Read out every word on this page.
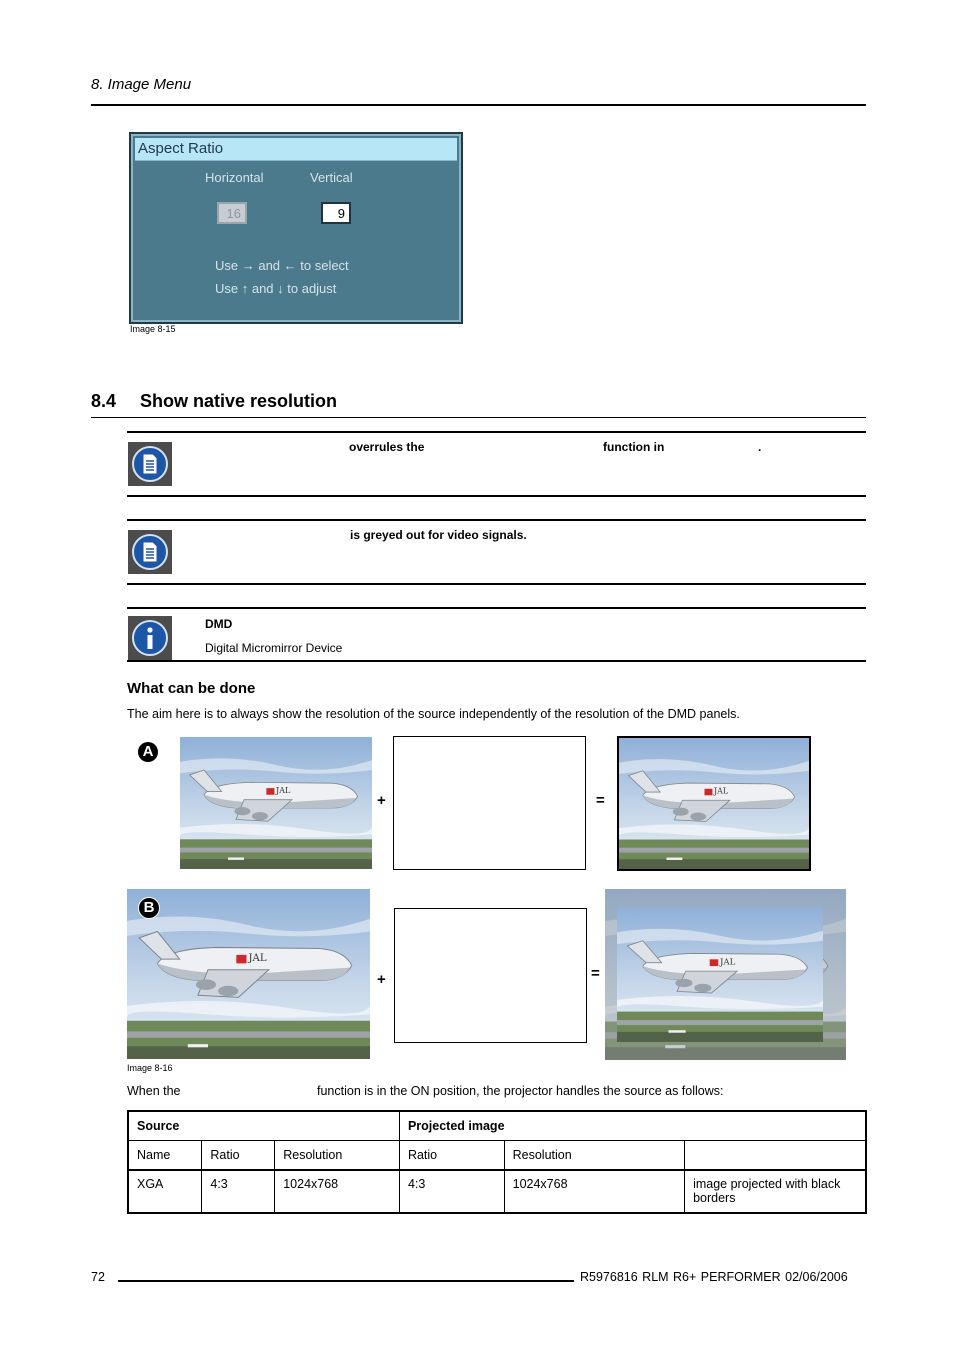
8. Image Menu
Aspect Ratio
Horizontal	Vertical
16	9
Use → and ← to select
Use ↑ and ↓ to adjust
Image 8-15
8.4 Show native resolution
overrules the	function in	.
is greyed out for video signals.
DMD
Digital Micromirror Device
What can be done
The aim here is to always show the resolution of the source independently of the resolution of the DMD panels.
A
+	=
B
+	=
Image 8-16
When the	function is in the ON position, the projector handles the source as follows:
Source			Projected image		
Name	Ratio	Resolution	Ratio	Resolution	
XGA	4:3	1024x768	4:3	1024x768	image projected with black borders
72	R5976816 RLM R6+ PERFORMER 02/06/2006
